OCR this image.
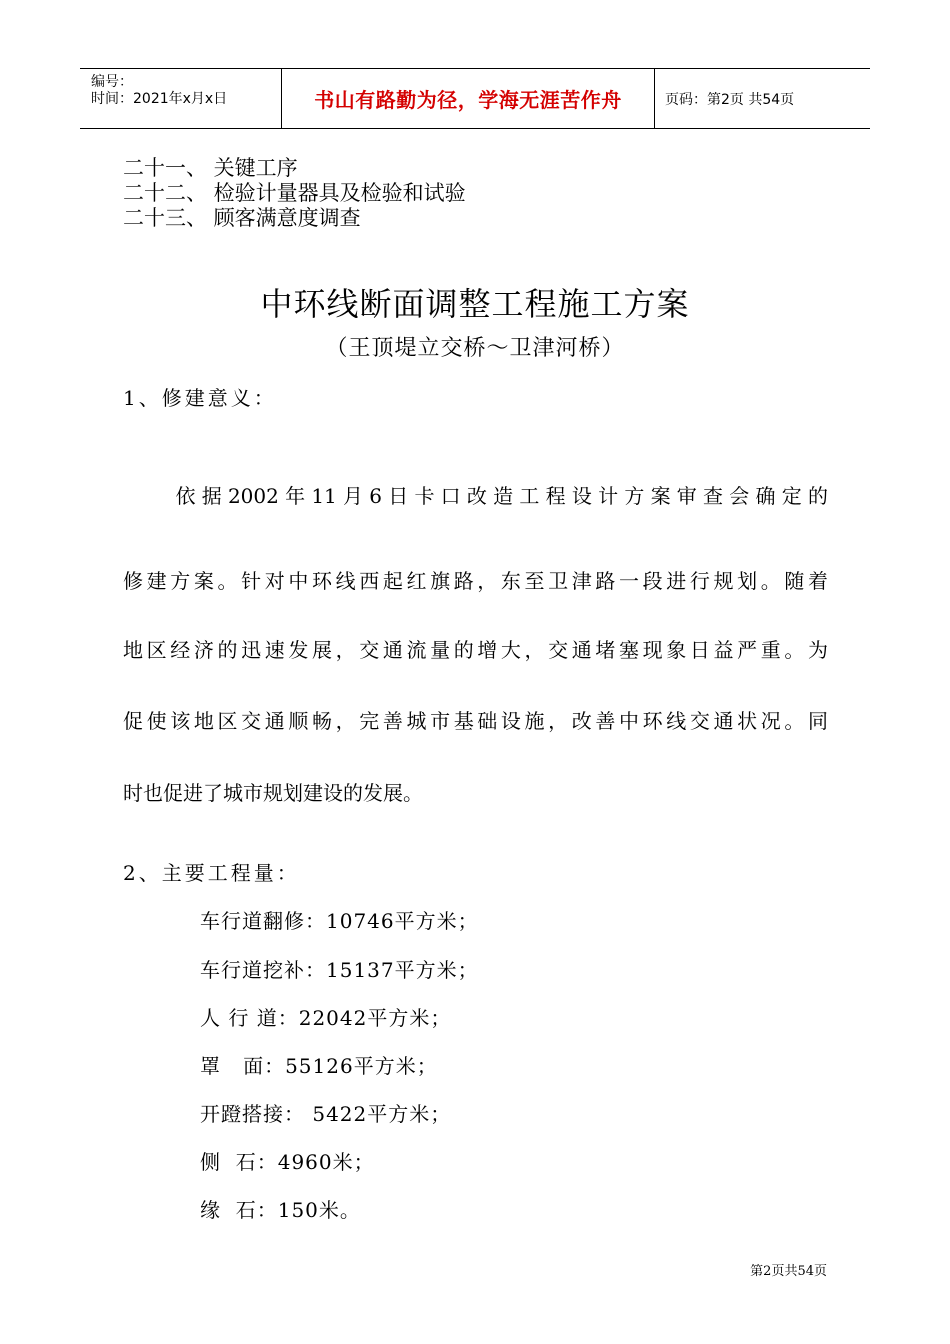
编号：
时间：2021年x月x日	书山有路勤为径，学海无涯苦作舟	页码：第2页 共54页
二十一、 关键工序
二十二、 检验计量器具及检验和试验
二十三、 顾客满意度调查
中环线断面调整工程施工方案
（王顶堤立交桥～卫津河桥）
1、修建意义：
　　依据2002年11月6日卡口改造工程设计方案审查会确定的
修建方案。针对中环线西起红旗路，东至卫津路一段进行规划。随着
地区经济的迅速发展，交通流量的增大，交通堵塞现象日益严重。为
促使该地区交通顺畅，完善城市基础设施，改善中环线交通状况。同
时也促进了城市规划建设的发展。
2、主要工程量：
车行道翻修：10746平方米；
车行道挖补：15137平方米；
人 行 道：22042平方米；
罩   面：55126平方米；
开蹬搭接： 5422平方米；
侧  石：4960米；
缘  石：150米。
第2页共54页
